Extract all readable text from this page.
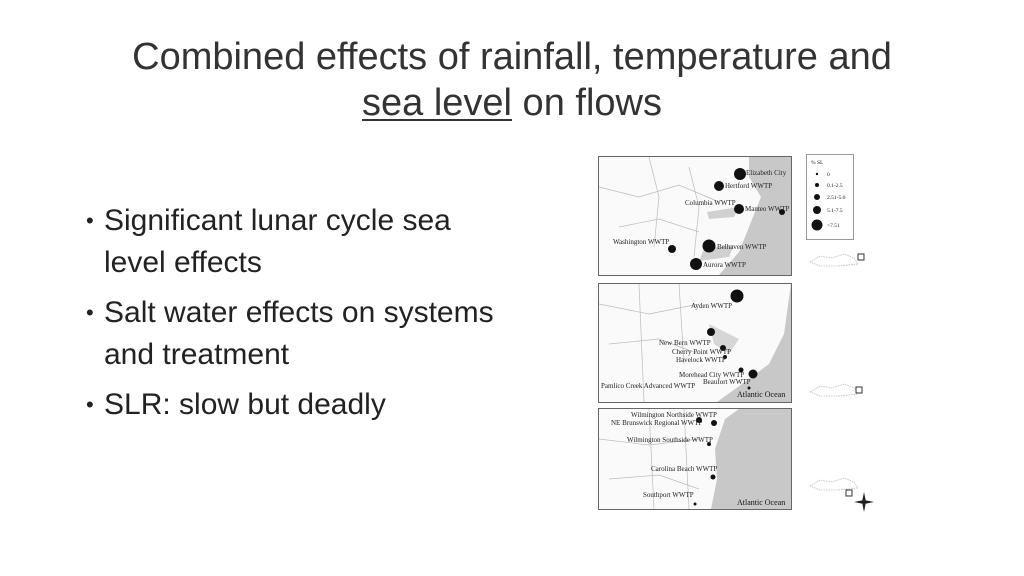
Combined effects of rainfall, temperature and
sea level on flows
• Significant lunar cycle sea level effects
• Salt water effects on systems and treatment
• SLR: slow but deadly
Elizabeth City
Hertford WWTP
Columbia WWTP
Manteo WWTP
Washington WWTP
Belhaven WWTP
Aurora WWTP
% SL
0
0.1-2.5
2.51-5.0
5.1-7.5
>7.51
Ayden WWTP
New Bern WWTP
Cherry Point WWTP
Havelock WWTP
Morehead City WWTP
Beaufort WWTP
Pamlico Creek Advanced WWTP
Atlantic Ocean
Wilmington Northside WWTP
NE Brunswick Regional WWTP
Wilmington Southside WWTP
Carolina Beach WWTP
Southport WWTP
Atlantic Ocean
